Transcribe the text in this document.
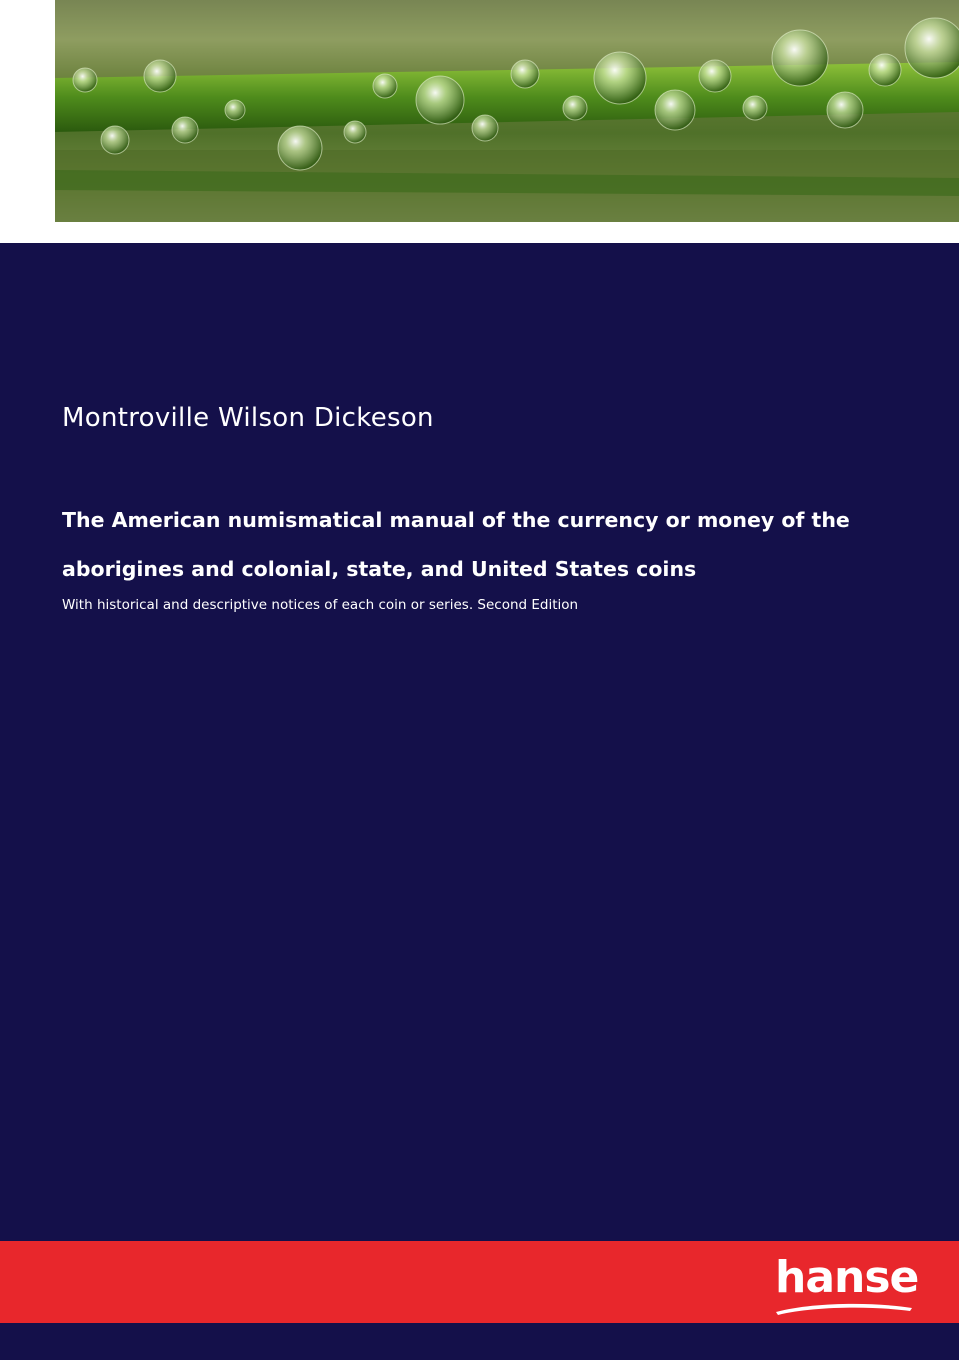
Montroville Wilson Dickeson
The American numismatical manual of the currency or money of the aborigines and colonial, state, and United States coins
With historical and descriptive notices of each coin or series. Second Edition
hanse
